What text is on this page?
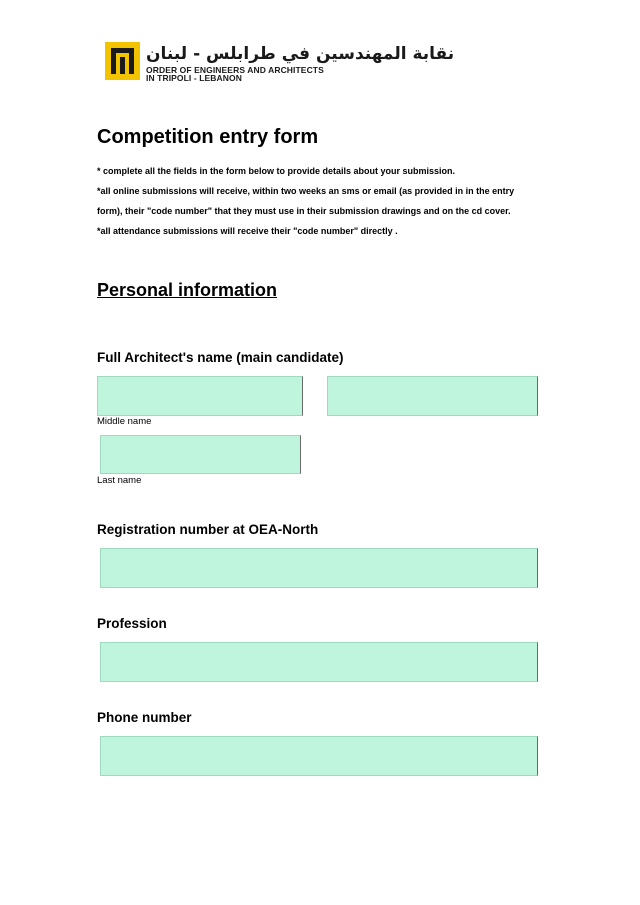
نقابة المهندسين في طرابلس - لبنان
ORDER OF ENGINEERS AND ARCHITECTS
IN TRIPOLI - LEBANON
Competition entry form
* complete all the fields in the form below to provide details about your submission.
*all online submissions will receive, within two weeks an sms or email (as provided in in the entry
form), their "code number" that they must use in their submission drawings and on the cd cover.
*all attendance submissions will receive their "code number" directly .
Personal information
Full Architect's name (main candidate)
Middle name
Last name
Registration number at OEA-North
Profession
Phone number
